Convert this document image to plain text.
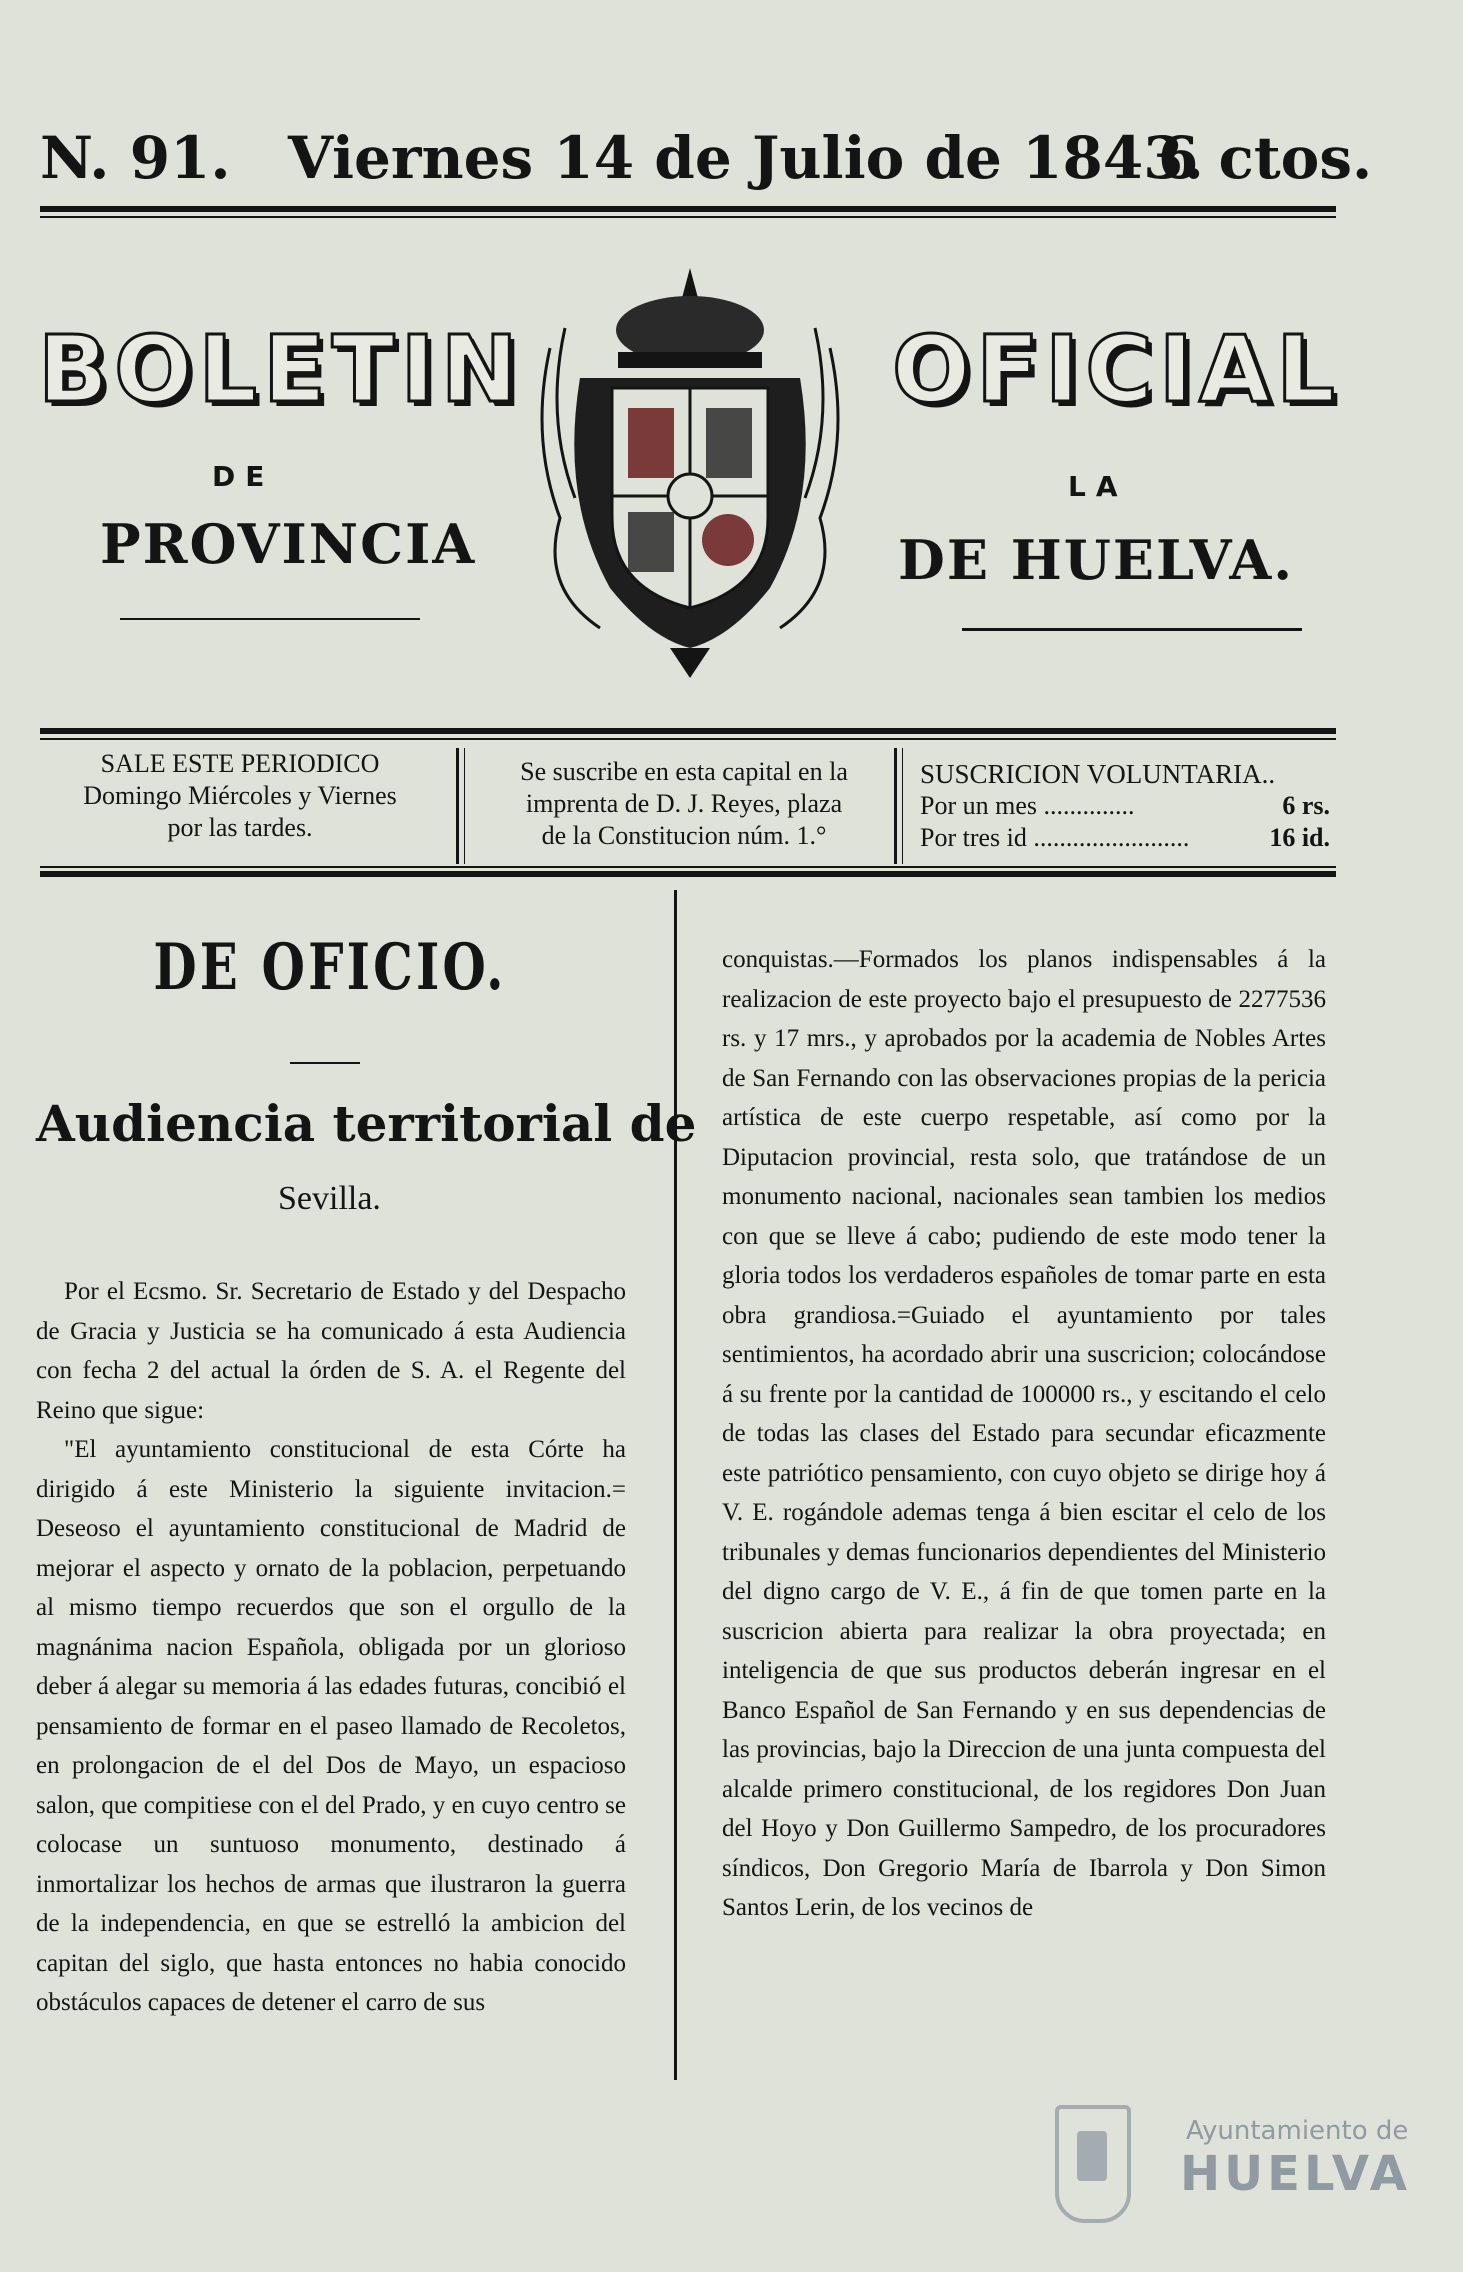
N. 91. Viernes 14 de Julio de 1843.
6 ctos.
BOLETIN	OFICIAL
DE	LA
PROVINCIA	DE HUELVA.
SALE ESTE PERIODICO
Domingo Miércoles y Viernes
por las tardes.
Se suscribe en esta capital en la
imprenta de D. J. Reyes, plaza
de la Constitucion núm. 1.°
SUSCRICION VOLUNTARIA..
Por un mes ..............	6 rs.
Por tres id ........................	16 id.
DE OFICIO.
Audiencia territorial de
Sevilla.

Por el Ecsmo. Sr. Secretario de Estado y del Despacho de Gracia y Justicia se ha comunicado á esta Audiencia con fecha 2 del actual la órden de S. A. el Regente del Reino que sigue:

"El ayuntamiento constitucional de esta Córte ha dirigido á este Ministerio la siguiente invitacion.= Deseoso el ayuntamiento constitucional de Madrid de mejorar el aspecto y ornato de la poblacion, perpetuando al mismo tiempo recuerdos que son el orgullo de la magnánima nacion Española, obligada por un glorioso deber á alegar su memoria á las edades futuras, concibió el pensamiento de formar en el paseo llamado de Recoletos, en prolongacion de el del Dos de Mayo, un espacioso salon, que compitiese con el del Prado, y en cuyo centro se colocase un suntuoso monumento, destinado á inmortalizar los hechos de armas que ilustraron la guerra de la independencia, en que se estrelló la ambicion del capitan del siglo, que hasta entonces no habia conocido obstáculos capaces de detener el carro de sus

conquistas.—Formados los planos indispensables á la realizacion de este proyecto bajo el presupuesto de 2277536 rs. y 17 mrs., y aprobados por la academia de Nobles Artes de San Fernando con las observaciones propias de la pericia artística de este cuerpo respetable, así como por la Diputacion provincial, resta solo, que tratándose de un monumento nacional, nacionales sean tambien los medios con que se lleve á cabo; pudiendo de este modo tener la gloria todos los verdaderos españoles de tomar parte en esta obra grandiosa.=Guiado el ayuntamiento por tales sentimientos, ha acordado abrir una suscricion; colocándose á su frente por la cantidad de 100000 rs., y escitando el celo de todas las clases del Estado para secundar eficazmente este patriótico pensamiento, con cuyo objeto se dirige hoy á V. E. rogándole ademas tenga á bien escitar el celo de los tribunales y demas funcionarios dependientes del Ministerio del digno cargo de V. E., á fin de que tomen parte en la suscricion abierta para realizar la obra proyectada; en inteligencia de que sus productos deberán ingresar en el Banco Español de San Fernando y en sus dependencias de las provincias, bajo la Direccion de una junta compuesta del alcalde primero constitucional, de los regidores Don Juan del Hoyo y Don Guillermo Sampedro, de los procuradores síndicos, Don Gregorio María de Ibarrola y Don Simon Santos Lerin, de los vecinos de

Ayuntamiento de
HUELVA
